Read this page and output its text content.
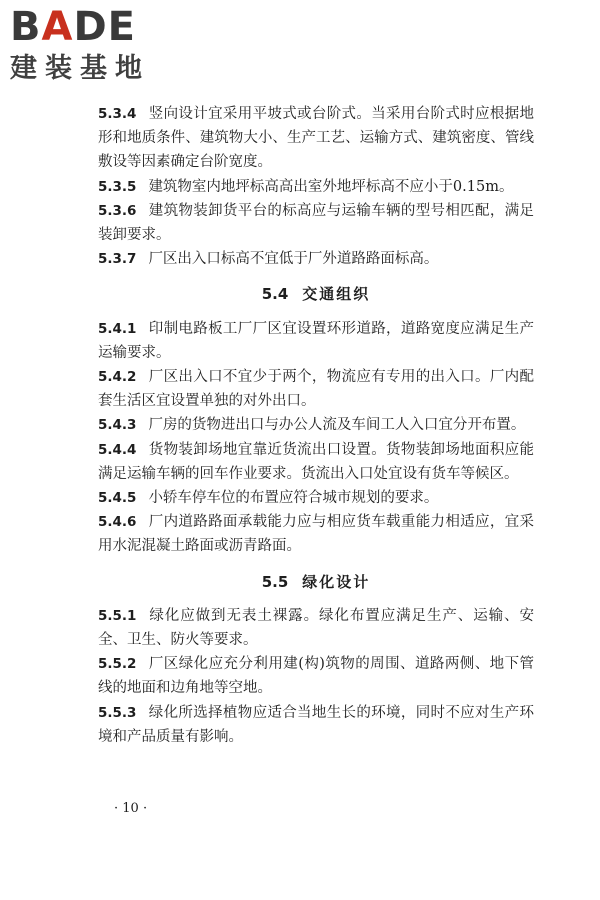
BADE
建装基地

5.3.4 竖向设计宜采用平坡式或台阶式。当采用台阶式时应根据地形和地质条件、建筑物大小、生产工艺、运输方式、建筑密度、管线敷设等因素确定台阶宽度。

5.3.5 建筑物室内地坪标高高出室外地坪标高不应小于0.15m。

5.3.6 建筑物装卸货平台的标高应与运输车辆的型号相匹配，满足装卸要求。

5.3.7 厂区出入口标高不宜低于厂外道路路面标高。

5.4 交通组织

5.4.1 印制电路板工厂厂区宜设置环形道路，道路宽度应满足生产运输要求。

5.4.2 厂区出入口不宜少于两个，物流应有专用的出入口。厂内配套生活区宜设置单独的对外出口。

5.4.3 厂房的货物进出口与办公人流及车间工人入口宜分开布置。

5.4.4 货物装卸场地宜靠近货流出口设置。货物装卸场地面积应能满足运输车辆的回车作业要求。货流出入口处宜设有货车等候区。

5.4.5 小轿车停车位的布置应符合城市规划的要求。

5.4.6 厂内道路路面承载能力应与相应货车载重能力相适应，宜采用水泥混凝土路面或沥青路面。

5.5 绿化设计

5.5.1 绿化应做到无表土裸露。绿化布置应满足生产、运输、安全、卫生、防火等要求。

5.5.2 厂区绿化应充分利用建(构)筑物的周围、道路两侧、地下管线的地面和边角地等空地。

5.5.3 绿化所选择植物应适合当地生长的环境，同时不应对生产环境和产品质量有影响。

· 10 ·
